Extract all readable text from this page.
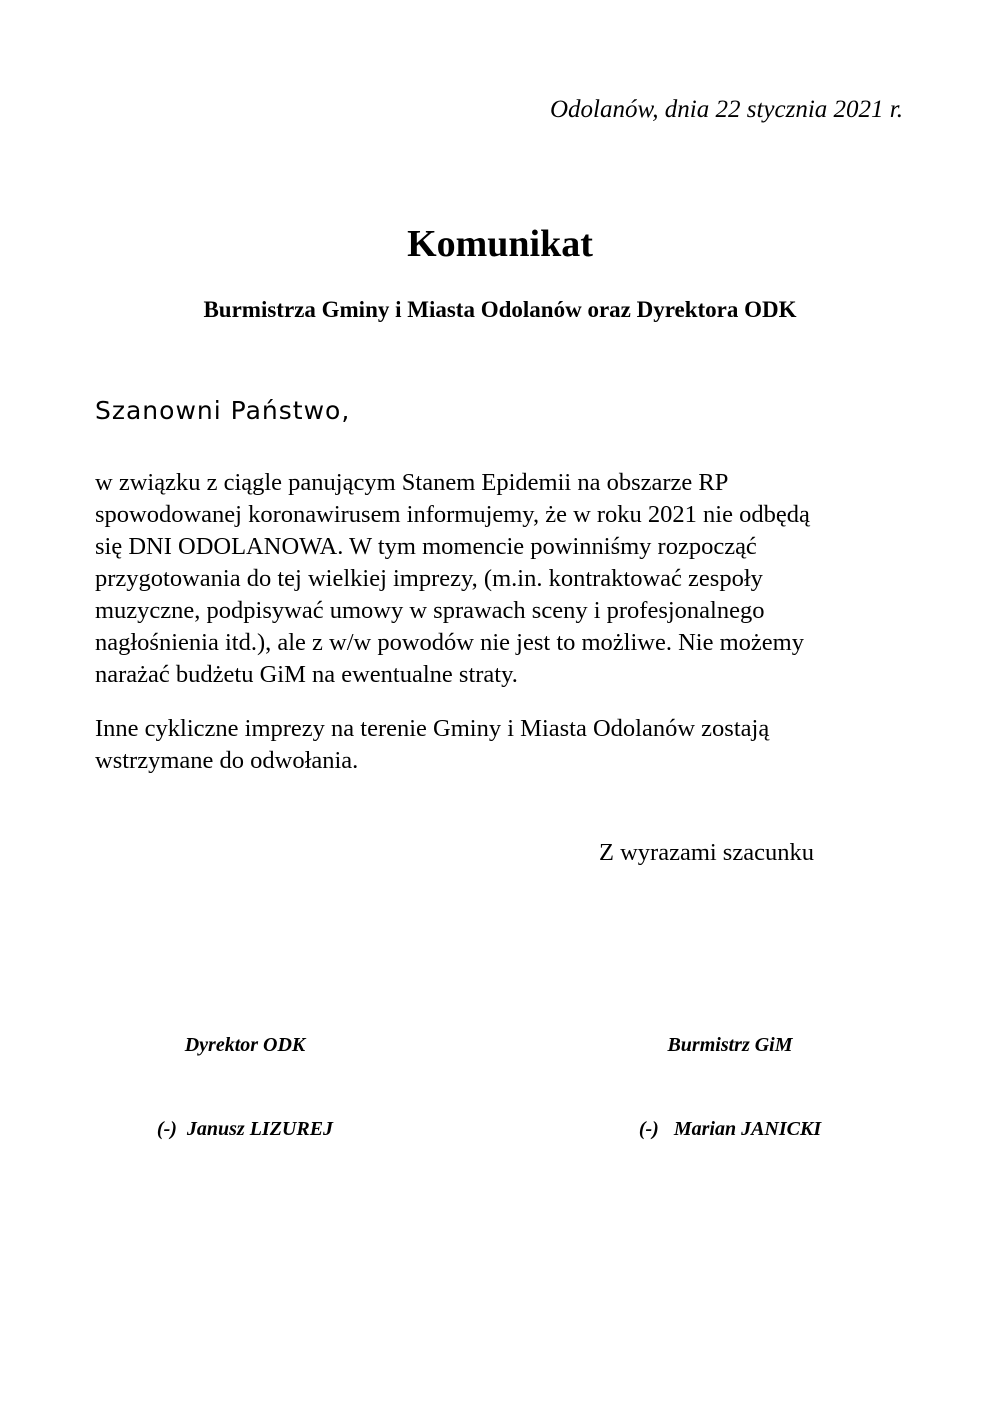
Odolanów, dnia 22 stycznia 2021 r.
Komunikat
Burmistrza Gminy i Miasta Odolanów oraz Dyrektora ODK
Szanowni Państwo,
w związku z ciągle panującym Stanem Epidemii na obszarze RP
spowodowanej koronawirusem informujemy, że w roku 2021 nie odbędą
się DNI ODOLANOWA. W tym momencie powinniśmy rozpocząć
przygotowania do tej wielkiej imprezy, (m.in. kontraktować zespoły
muzyczne, podpisywać umowy w sprawach sceny i profesjonalnego
nagłośnienia itd.), ale z w/w powodów nie jest to możliwe. Nie możemy
narażać budżetu GiM na ewentualne straty.
Inne cykliczne imprezy na terenie Gminy i Miasta Odolanów zostają
wstrzymane do odwołania.
Z wyrazami szacunku

Dyrektor ODK

(-)  Janusz LIZUREJ

Burmistrz GiM

(-)   Marian JANICKI
